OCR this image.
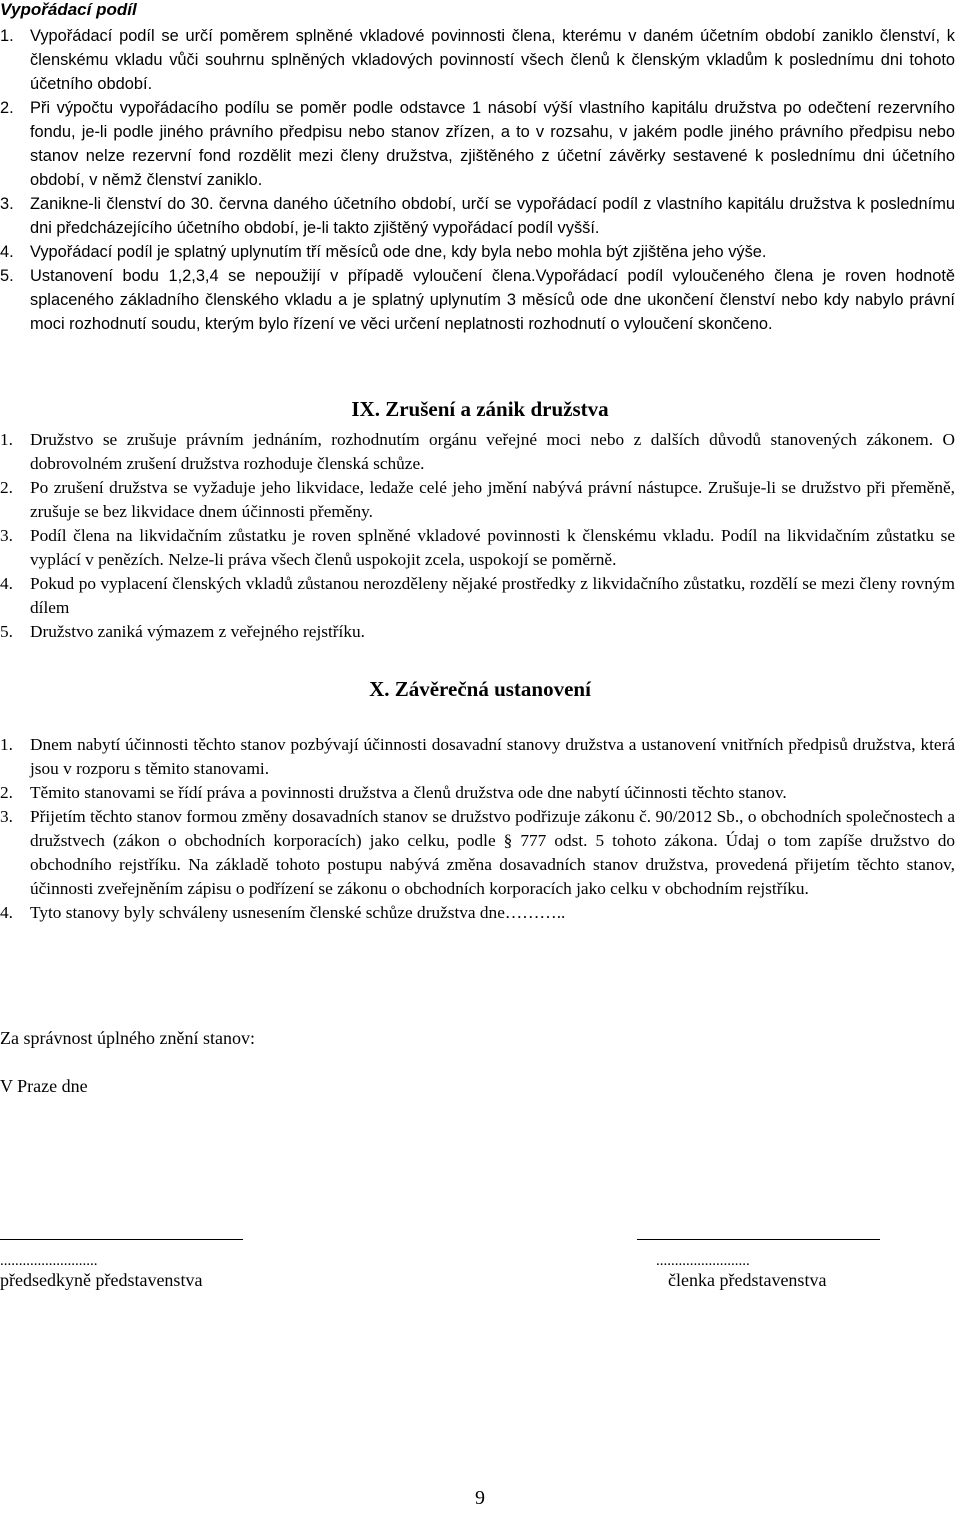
Vypořádací podíl
1. Vypořádací podíl se určí poměrem splněné vkladové povinnosti člena, kterému v daném účetním období zaniklo členství, k členskému vkladu vůči souhrnu splněných vkladových povinností všech členů k členským vkladům k poslednímu dni tohoto účetního období.
2. Při výpočtu vypořádacího podílu se poměr podle odstavce 1 násobí výší vlastního kapitálu družstva po odečtení rezervního fondu, je-li podle jiného právního předpisu nebo stanov zřízen, a to v rozsahu, v jakém podle jiného právního předpisu nebo stanov nelze rezervní fond rozdělit mezi členy družstva, zjištěného z účetní závěrky sestavené k poslednímu dni účetního období, v němž členství zaniklo.
3. Zanikne-li členství do 30. června daného účetního období, určí se vypořádací podíl z vlastního kapitálu družstva k poslednímu dni předcházejícího účetního období, je-li takto zjištěný vypořádací podíl vyšší.
4. Vypořádací podíl je splatný uplynutím tří měsíců ode dne, kdy byla nebo mohla být zjištěna jeho výše.
5. Ustanovení bodu 1,2,3,4 se nepoužijí v případě vyloučení člena.Vypořádací podíl vyloučeného člena je roven hodnotě splaceného základního členského vkladu a je splatný uplynutím 3 měsíců ode dne ukončení členství nebo kdy nabylo právní moci rozhodnutí soudu, kterým bylo řízení ve věci určení neplatnosti rozhodnutí o vyloučení skončeno.
IX. Zrušení a zánik družstva
1. Družstvo se zrušuje právním jednáním, rozhodnutím orgánu veřejné moci nebo z dalších důvodů stanovených zákonem. O dobrovolném zrušení družstva rozhoduje členská schůze.
2. Po zrušení družstva se vyžaduje jeho likvidace, ledaže celé jeho jmění nabývá právní nástupce. Zrušuje-li se družstvo při přeměně, zrušuje se bez likvidace dnem účinnosti přeměny.
3. Podíl člena na likvidačním zůstatku je roven splněné vkladové povinnosti k členskému vkladu. Podíl na likvidačním zůstatku se vyplácí v penězích. Nelze-li práva všech členů uspokojit zcela, uspokojí se poměrně.
4. Pokud po vyplacení členských vkladů zůstanou nerozděleny nějaké prostředky z likvidačního zůstatku, rozdělí se mezi členy rovným dílem
5. Družstvo zaniká výmazem z veřejného rejstříku.
X. Závěrečná ustanovení
1. Dnem nabytí účinnosti těchto stanov pozbývají účinnosti dosavadní stanovy družstva a ustanovení vnitřních předpisů družstva, která jsou v rozporu s těmito stanovami.
2. Těmito stanovami se řídí práva a povinnosti družstva a členů družstva ode dne nabytí účinnosti těchto stanov.
3. Přijetím těchto stanov formou změny dosavadních stanov se družstvo podřizuje zákonu č. 90/2012 Sb., o obchodních společnostech a družstvech (zákon o obchodních korporacích) jako celku, podle § 777 odst. 5 tohoto zákona. Údaj o tom zapíše družstvo do obchodního rejstříku. Na základě tohoto postupu nabývá změna dosavadních stanov družstva, provedená přijetím těchto stanov, účinnosti zveřejněním zápisu o podřízení se zákonu o obchodních korporacích jako celku v obchodním rejstříku.
4. Tyto stanovy byly schváleny usnesením členské schůze družstva dne………..
Za správnost úplného znění stanov:
V Praze dne
..........................
předsedkyně představenstva
.........................
členka představenstva
9
